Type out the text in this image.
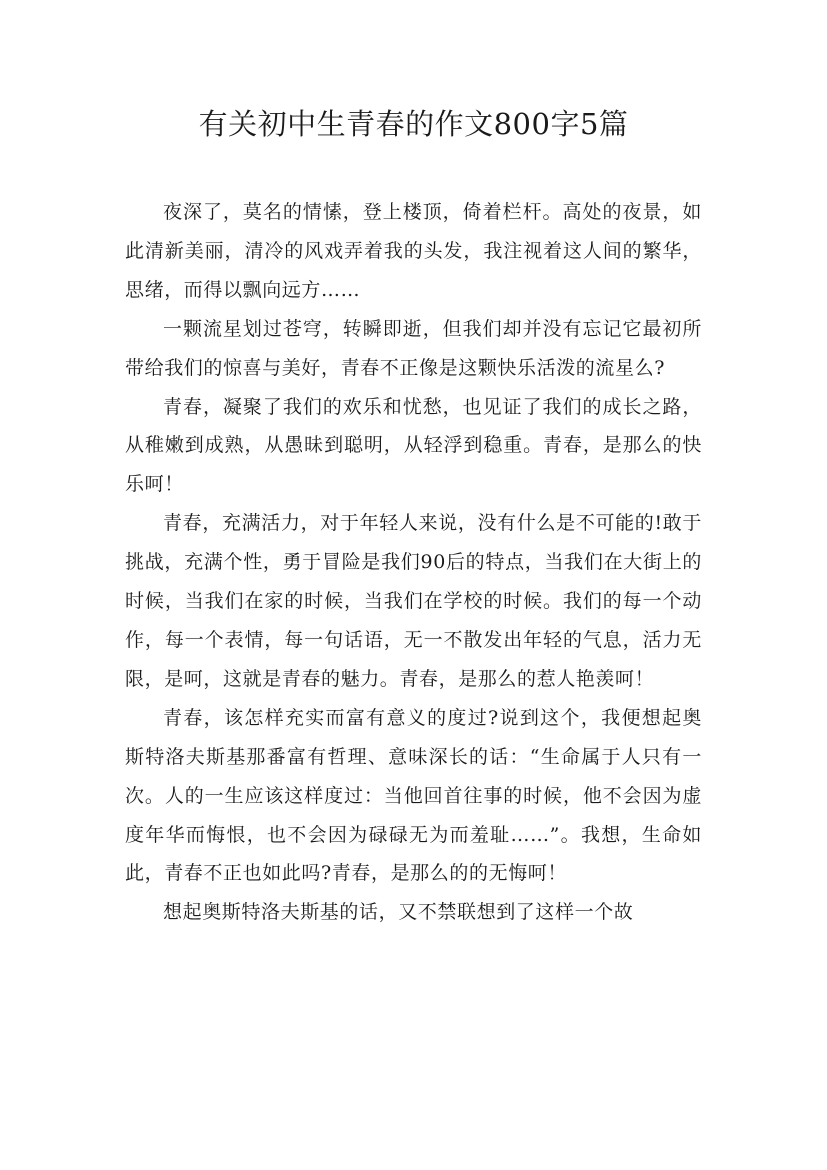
有关初中生青春的作文800字5篇

夜深了，莫名的情愫，登上楼顶，倚着栏杆。高处的夜景，如此清新美丽，清冷的风戏弄着我的头发，我注视着这人间的繁华，思绪，而得以飘向远方……

一颗流星划过苍穹，转瞬即逝，但我们却并没有忘记它最初所带给我们的惊喜与美好，青春不正像是这颗快乐活泼的流星么?

青春，凝聚了我们的欢乐和忧愁，也见证了我们的成长之路，从稚嫩到成熟，从愚昧到聪明，从轻浮到稳重。青春，是那么的快乐呵！

青春，充满活力，对于年轻人来说，没有什么是不可能的!敢于挑战，充满个性，勇于冒险是我们90后的特点，当我们在大街上的时候，当我们在家的时候，当我们在学校的时候。我们的每一个动作，每一个表情，每一句话语，无一不散发出年轻的气息，活力无限，是呵，这就是青春的魅力。青春，是那么的惹人艳羡呵！

青春，该怎样充实而富有意义的度过?说到这个，我便想起奥斯特洛夫斯基那番富有哲理、意味深长的话：“生命属于人只有一次。人的一生应该这样度过：当他回首往事的时候，他不会因为虚度年华而悔恨，也不会因为碌碌无为而羞耻……”。我想，生命如此，青春不正也如此吗?青春，是那么的的无悔呵！

想起奥斯特洛夫斯基的话，又不禁联想到了这样一个故
